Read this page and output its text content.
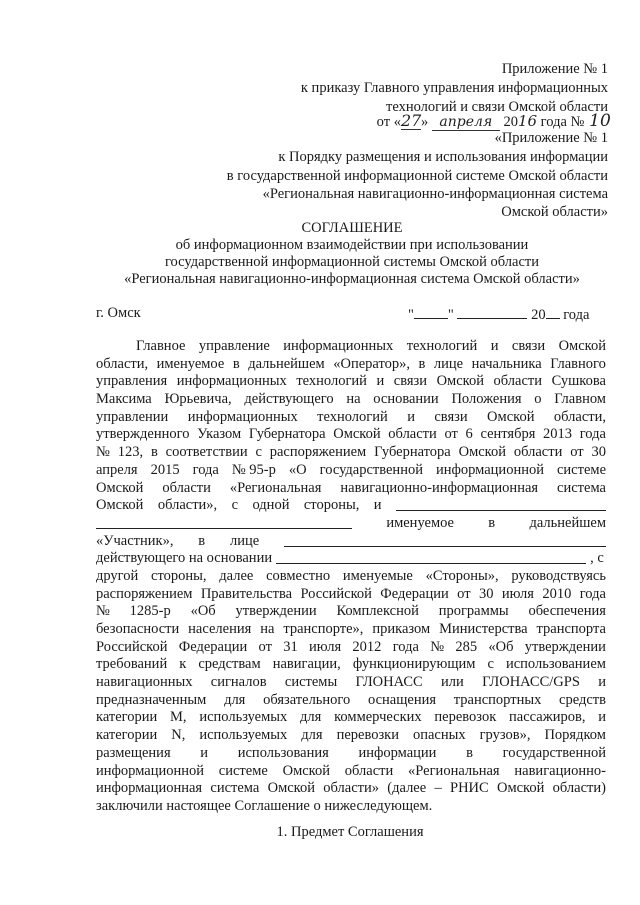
Приложение № 1
к приказу Главного управления информационных
технологий и связи Омской области
от «27» апреля 2016 года № 10
«Приложение № 1
к Порядку размещения и использования информации
в государственной информационной системе Омской области
«Региональная навигационно-информационная система
Омской области»
СОГЛАШЕНИЕ
об информационном взаимодействии при использовании
государственной информационной системы Омской области
«Региональная навигационно-информационная система Омской области»
г. Омск	" "	20 года
Главное управление информационных технологий и связи Омской
области, именуемое в дальнейшем «Оператор», в лице начальника Главного
управления информационных технологий и связи Омской области Сушкова
Максима Юрьевича, действующего на основании Положения о Главном
управлении информационных технологий и связи Омской области,
утвержденного Указом Губернатора Омской области от 6 сентября 2013 года
№ 123, в соответствии с распоряжением Губернатора Омской области от 30
апреля 2015 года № 95-р «О государственной информационной системе
Омской области «Региональная навигационно-информационная система
Омской области», с одной стороны, и
именуемое в дальнейшем
«Участник», в лице
действующего на основании	, с
другой стороны, далее совместно именуемые «Стороны», руководствуясь
распоряжением Правительства Российской Федерации от 30 июля 2010 года
№ 1285-р «Об утверждении Комплексной программы обеспечения
безопасности населения на транспорте», приказом Министерства транспорта
Российской Федерации от 31 июля 2012 года № 285 «Об утверждении
требований к средствам навигации, функционирующим с использованием
навигационных сигналов системы ГЛОНАСС или ГЛОНАСС/GPS и
предназначенным для обязательного оснащения транспортных средств
категории М, используемых для коммерческих перевозок пассажиров, и
категории N, используемых для перевозки опасных грузов», Порядком
размещения и использования информации в государственной
информационной системе Омской области «Региональная навигационно-
информационная система Омской области» (далее – РНИС Омской области)
заключили настоящее Соглашение о нижеследующем.
1. Предмет Соглашения
